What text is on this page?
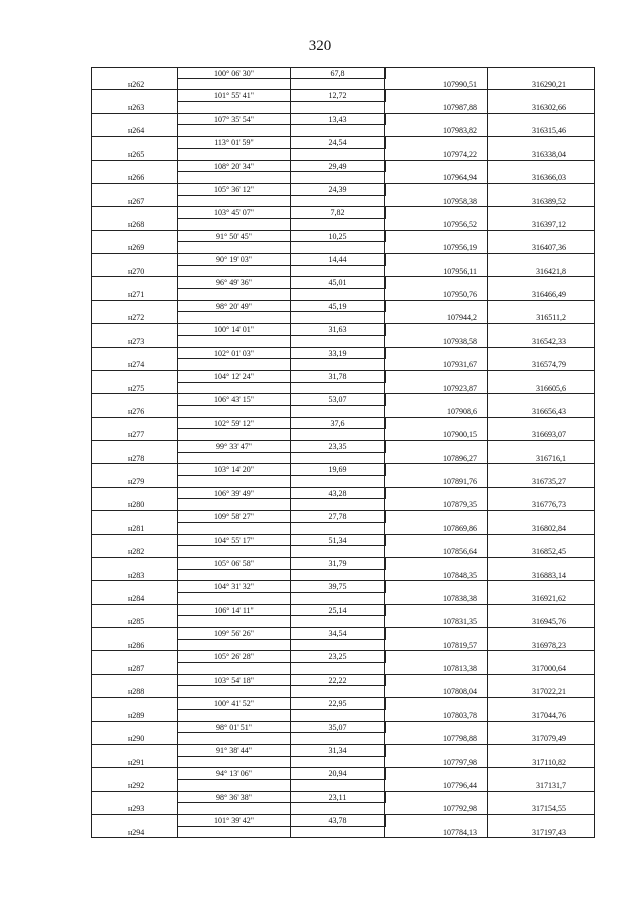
320
100° 06' 30"	67,8
н262	107990,51	316290,21
101° 55' 41"	12,72
н263	107987,88	316302,66
107° 35' 54"	13,43
н264	107983,82	316315,46
113° 01' 59"	24,54
н265	107974,22	316338,04
108° 20' 34"	29,49
н266	107964,94	316366,03
105° 36' 12"	24,39
н267	107958,38	316389,52
103° 45' 07"	7,82
н268	107956,52	316397,12
91° 50' 45"	10,25
н269	107956,19	316407,36
90° 19' 03"	14,44
н270	107956,11	316421,8
96° 49' 36"	45,01
н271	107950,76	316466,49
98° 20' 49"	45,19
н272	107944,2	316511,2
100° 14' 01"	31,63
н273	107938,58	316542,33
102° 01' 03"	33,19
н274	107931,67	316574,79
104° 12' 24"	31,78
н275	107923,87	316605,6
106° 43' 15"	53,07
н276	107908,6	316656,43
102° 59' 12"	37,6
н277	107900,15	316693,07
99° 33' 47"	23,35
н278	107896,27	316716,1
103° 14' 20"	19,69
н279	107891,76	316735,27
106° 39' 49"	43,28
н280	107879,35	316776,73
109° 58' 27"	27,78
н281	107869,86	316802,84
104° 55' 17"	51,34
н282	107856,64	316852,45
105° 06' 58"	31,79
н283	107848,35	316883,14
104° 31' 32"	39,75
н284	107838,38	316921,62
106° 14' 11"	25,14
н285	107831,35	316945,76
109° 56' 26"	34,54
н286	107819,57	316978,23
105° 26' 28"	23,25
н287	107813,38	317000,64
103° 54' 18"	22,22
н288	107808,04	317022,21
100° 41' 52"	22,95
н289	107803,78	317044,76
98° 01' 51"	35,07
н290	107798,88	317079,49
91° 38' 44"	31,34
н291	107797,98	317110,82
94° 13' 06"	20,94
н292	107796,44	317131,7
98° 36' 38"	23,11
н293	107792,98	317154,55
101° 39' 42"	43,78
н294	107784,13	317197,43
